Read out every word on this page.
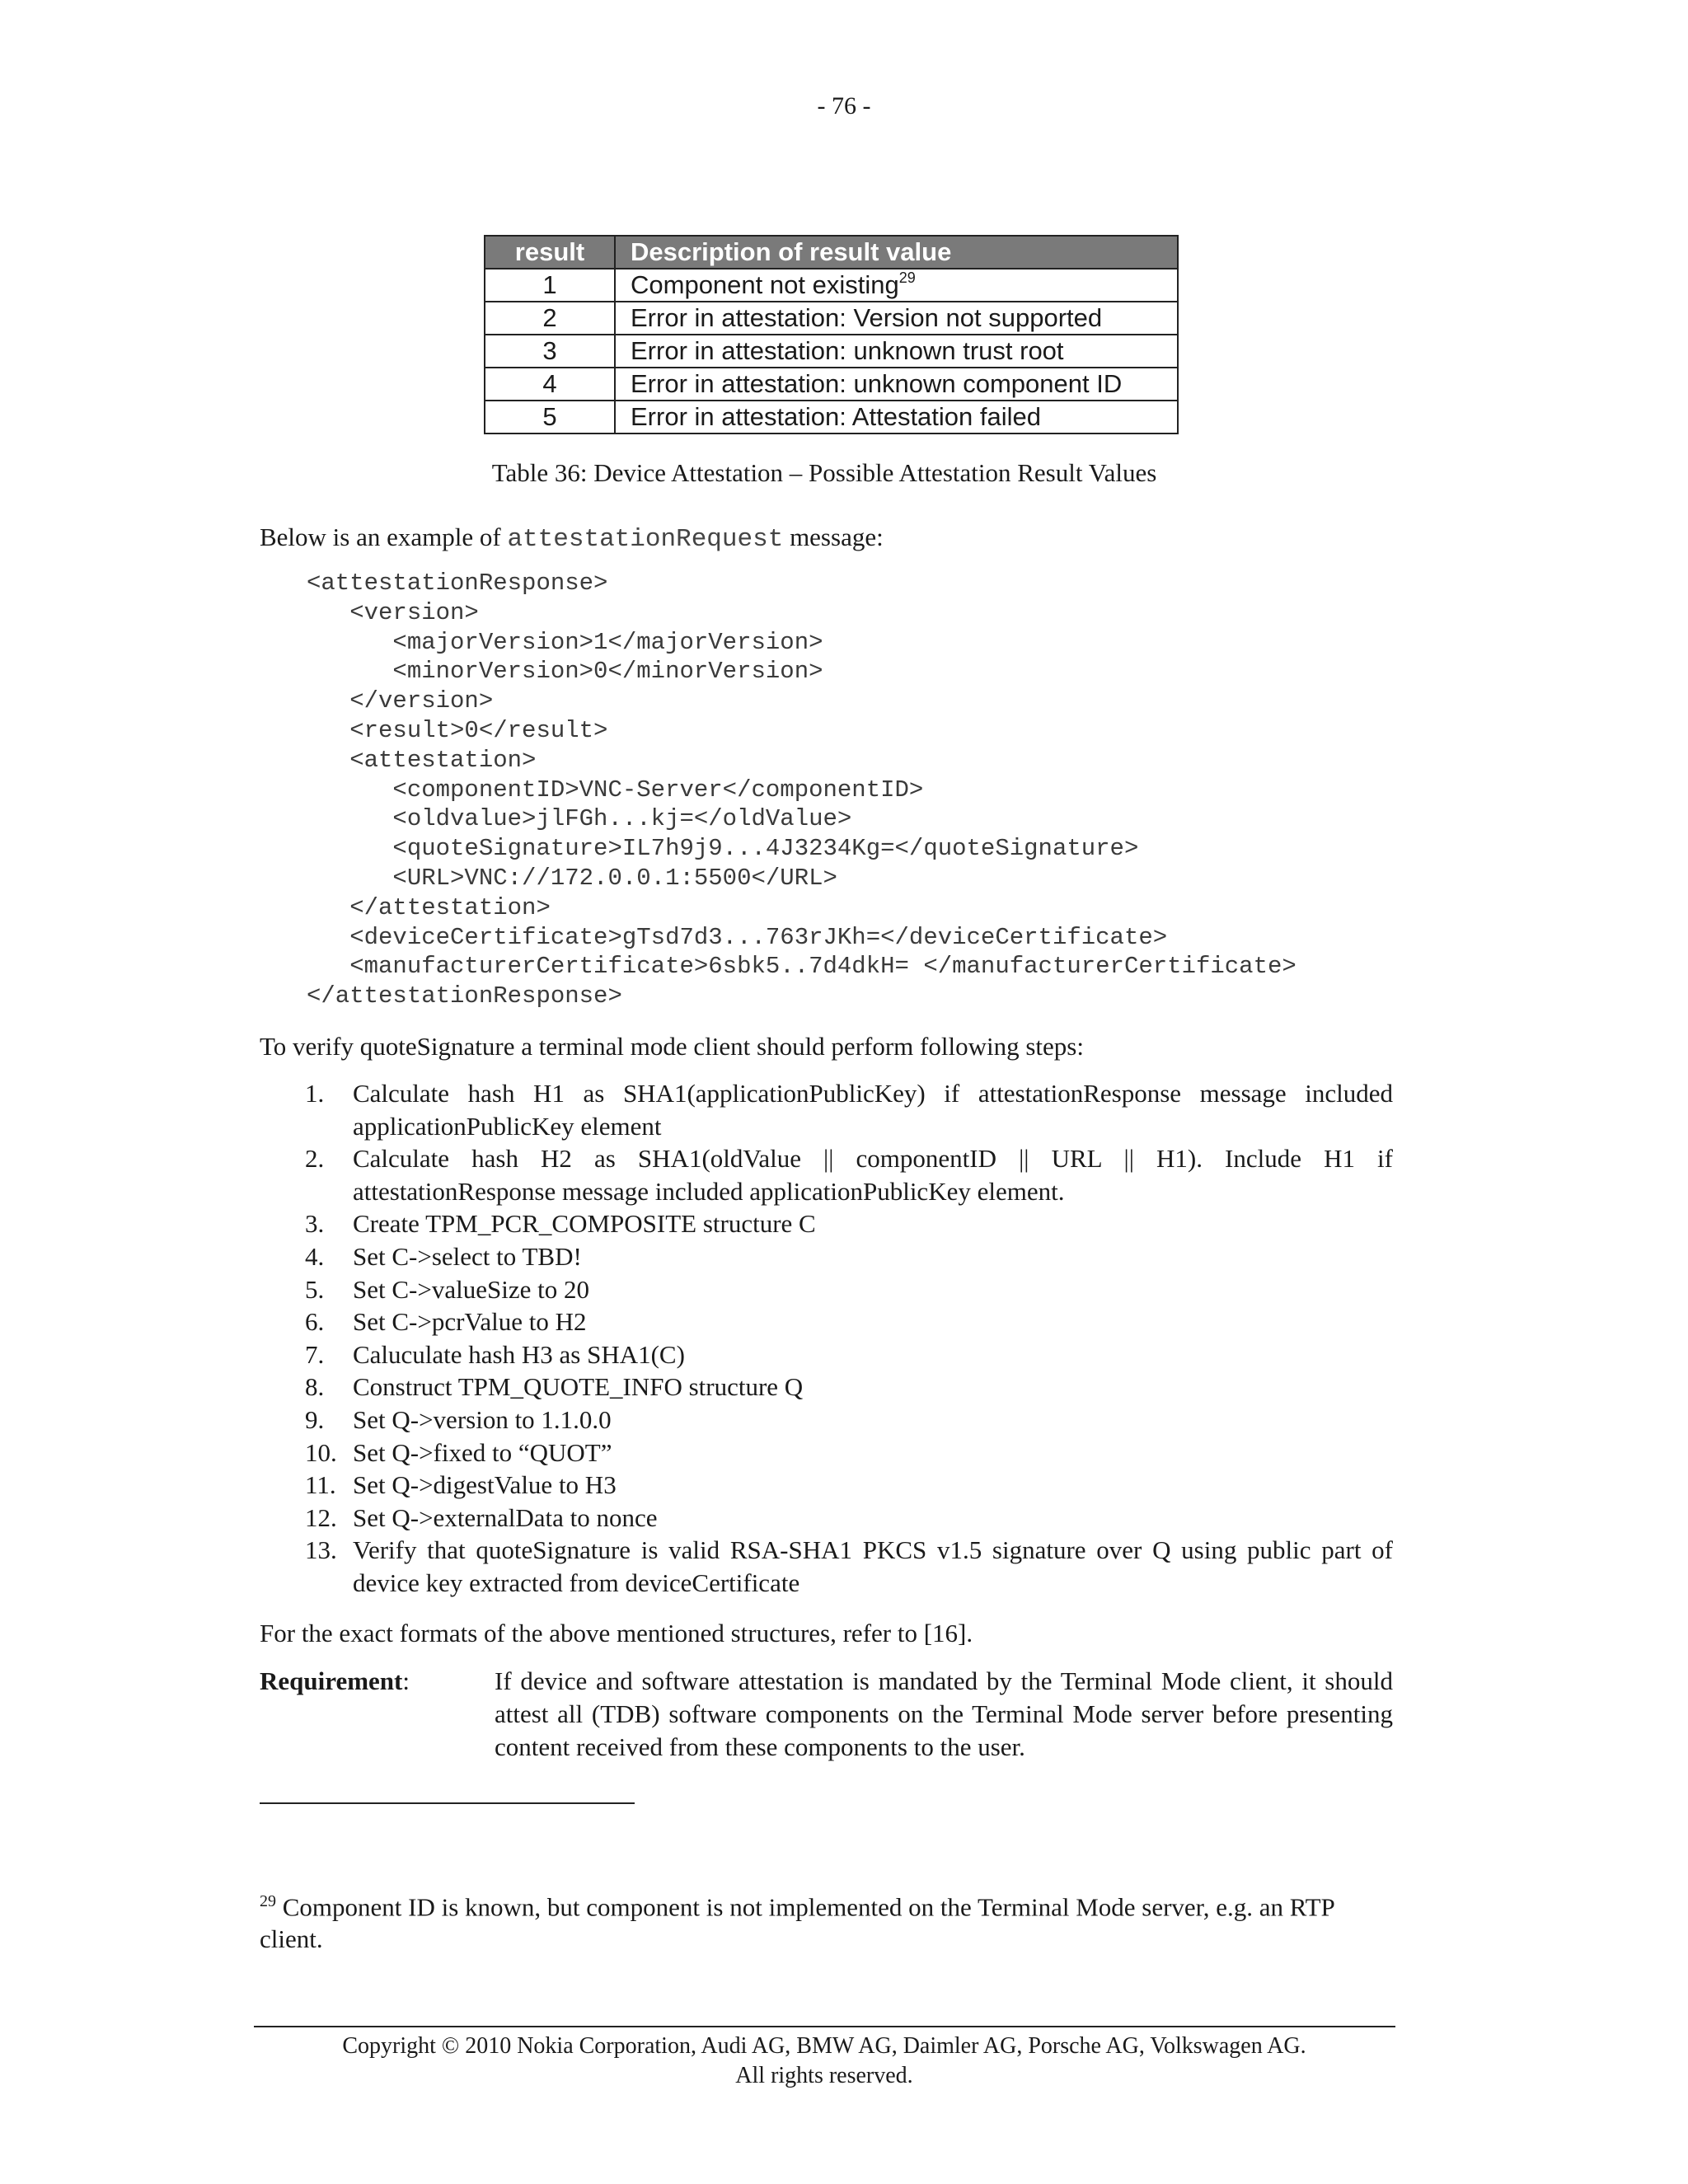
- 76 -
result	Description of result value
1	Component not existing$^{29}$
2	Error in attestation: Version not supported
3	Error in attestation: unknown trust root
4	Error in attestation: unknown component ID
5	Error in attestation: Attestation failed
Table 36: Device Attestation – Possible Attestation Result Values
Below is an example of attestationRequest message:
<attestationResponse>
<version>
<majorVersion>1</majorVersion>
<minorVersion>0</minorVersion>
</version>
<result>0</result>
<attestation>
<componentID>VNC-Server</componentID>
<oldvalue>jlFGh...kj=</oldValue>
<quoteSignature>IL7h9j9...4J3234Kg=</quoteSignature>
<URL>VNC://172.0.0.1:5500</URL>
</attestation>
<deviceCertificate>gTsd7d3...763rJKh=</deviceCertificate>
<manufacturerCertificate>6sbk5..7d4dkH= </manufacturerCertificate>
</attestationResponse>
To verify quoteSignature a terminal mode client should perform following steps:
1.	Calculate hash H1 as SHA1(applicationPublicKey) if attestationResponse message included applicationPublicKey element
2.	Calculate hash H2 as SHA1(oldValue || componentID || URL || H1). Include H1 if attestationResponse message included applicationPublicKey element.
3.	Create TPM_PCR_COMPOSITE structure C
4.	Set C->select to TBD!
5.	Set C->valueSize to 20
6.	Set C->pcrValue to H2
7.	Caluculate hash H3 as SHA1(C)
8.	Construct TPM_QUOTE_INFO structure Q
9.	Set Q->version to 1.1.0.0
10. Set Q->fixed to “QUOT”
11. Set Q->digestValue to H3
12. Set Q->externalData to nonce
13. Verify that quoteSignature is valid RSA-SHA1 PKCS v1.5 signature over Q using public part of device key extracted from deviceCertificate
For the exact formats of the above mentioned structures, refer to [16].
Requirement:	If device and software attestation is mandated by the Terminal Mode client, it should attest all (TDB) software components on the Terminal Mode server before presenting content received from these components to the user.
$^{29}$ Component ID is known, but component is not implemented on the Terminal Mode server, e.g. an RTP client.
Copyright © 2010 Nokia Corporation, Audi AG, BMW AG, Daimler AG, Porsche AG, Volkswagen AG.
All rights reserved.
